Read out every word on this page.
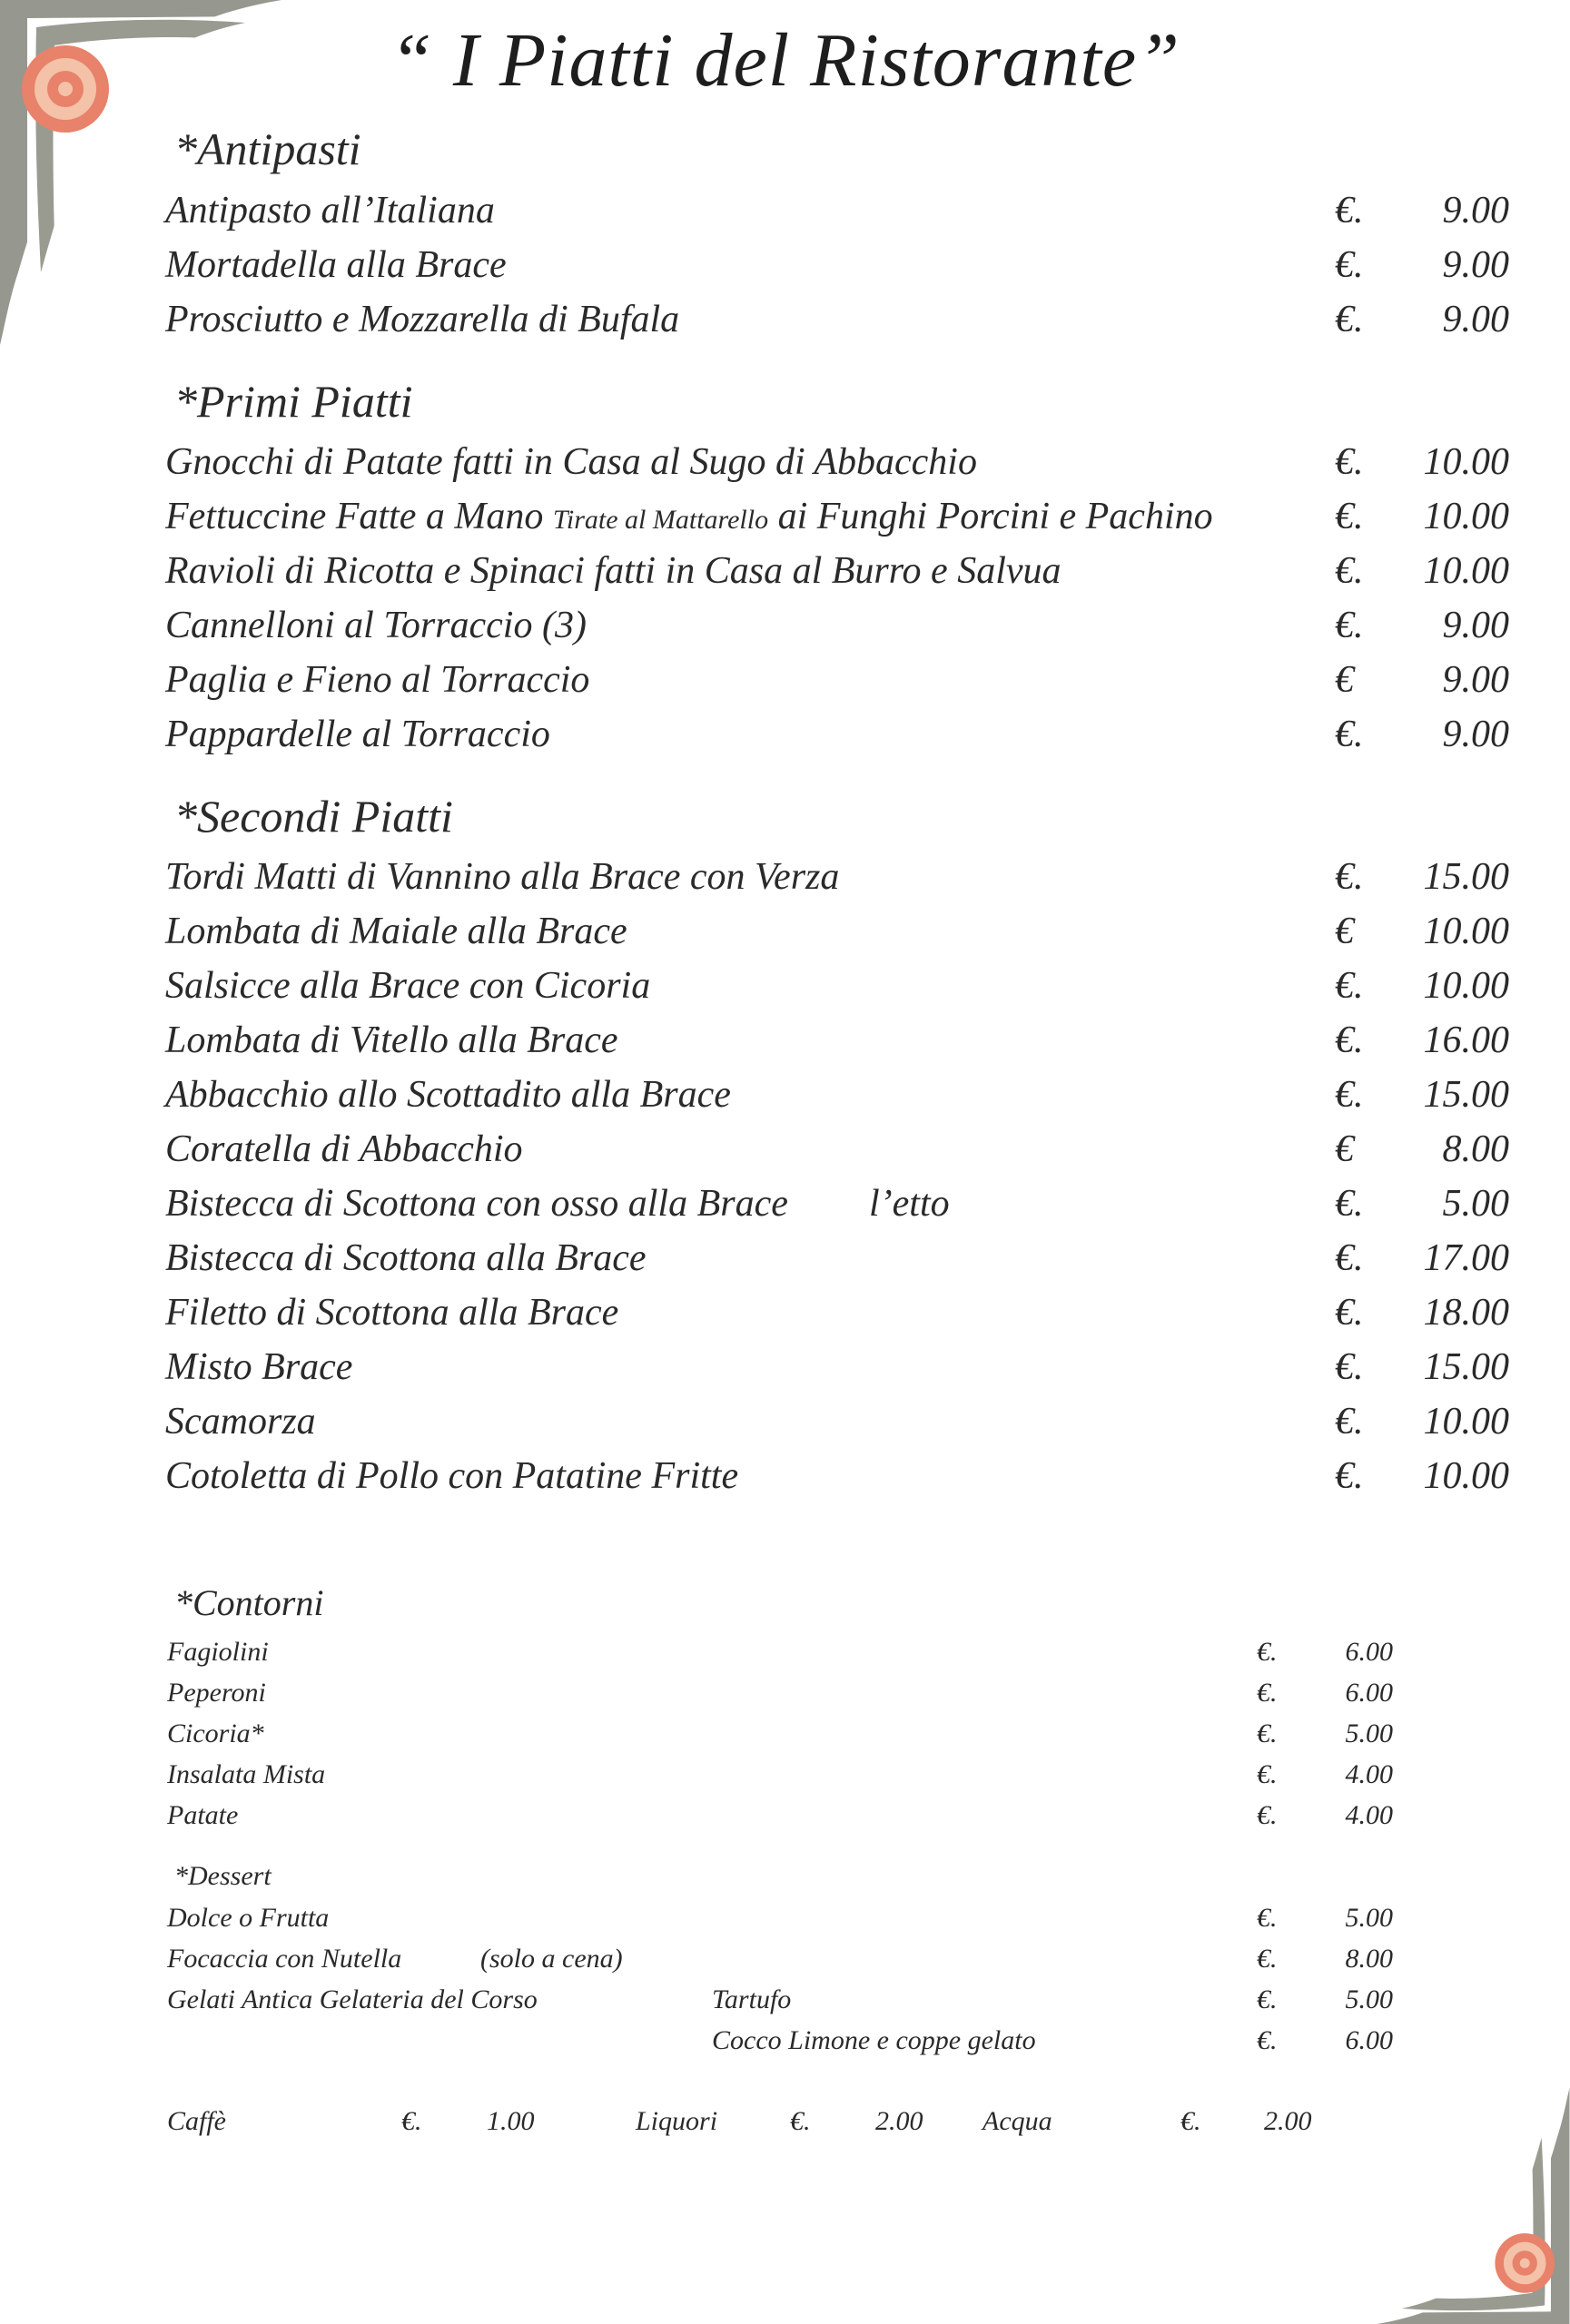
“ I Piatti del Ristorante”
*Antipasti
Antipasto all’Italiana	€.	9.00
Mortadella alla Brace	€.	9.00
Prosciutto e Mozzarella di Bufala	€.	9.00
*Primi Piatti
Gnocchi di Patate fatti in Casa al Sugo di Abbacchio	€.	10.00
Fettuccine Fatte a Mano Tirate al Mattarello ai Funghi Porcini e Pachino	€.	10.00
Ravioli di Ricotta e Spinaci fatti in Casa al Burro e Salvua	€.	10.00
Cannelloni al Torraccio (3)	€.	9.00
Paglia e Fieno al Torraccio	€	9.00
Pappardelle al Torraccio	€.	9.00
*Secondi Piatti
Tordi Matti di Vannino alla Brace con Verza	€.	15.00
Lombata di Maiale alla Brace	€	10.00
Salsicce alla Brace con Cicoria	€.	10.00
Lombata di Vitello alla Brace	€.	16.00
Abbacchio allo Scottadito alla Brace	€.	15.00
Coratella di Abbacchio	€	8.00
Bistecca di Scottona con osso alla Brace l’etto	€.	5.00
Bistecca di Scottona alla Brace	€.	17.00
Filetto di Scottona alla Brace	€.	18.00
Misto Brace	€.	15.00
Scamorza	€.	10.00
Cotoletta di Pollo con Patatine Fritte	€.	10.00
*Contorni
Fagiolini	€.	6.00
Peperoni	€.	6.00
Cicoria*	€.	5.00
Insalata Mista	€.	4.00
Patate	€.	4.00
*Dessert
Dolce o Frutta	€.	5.00
Focaccia con Nutella	(solo a cena)	€.	8.00
Gelati Antica Gelateria del Corso	Tartufo	€.	5.00
Cocco Limone e coppe gelato	€.	6.00
Caffè	€. 1.00	Liquori	€. 2.00 Acqua	€. 2.00
